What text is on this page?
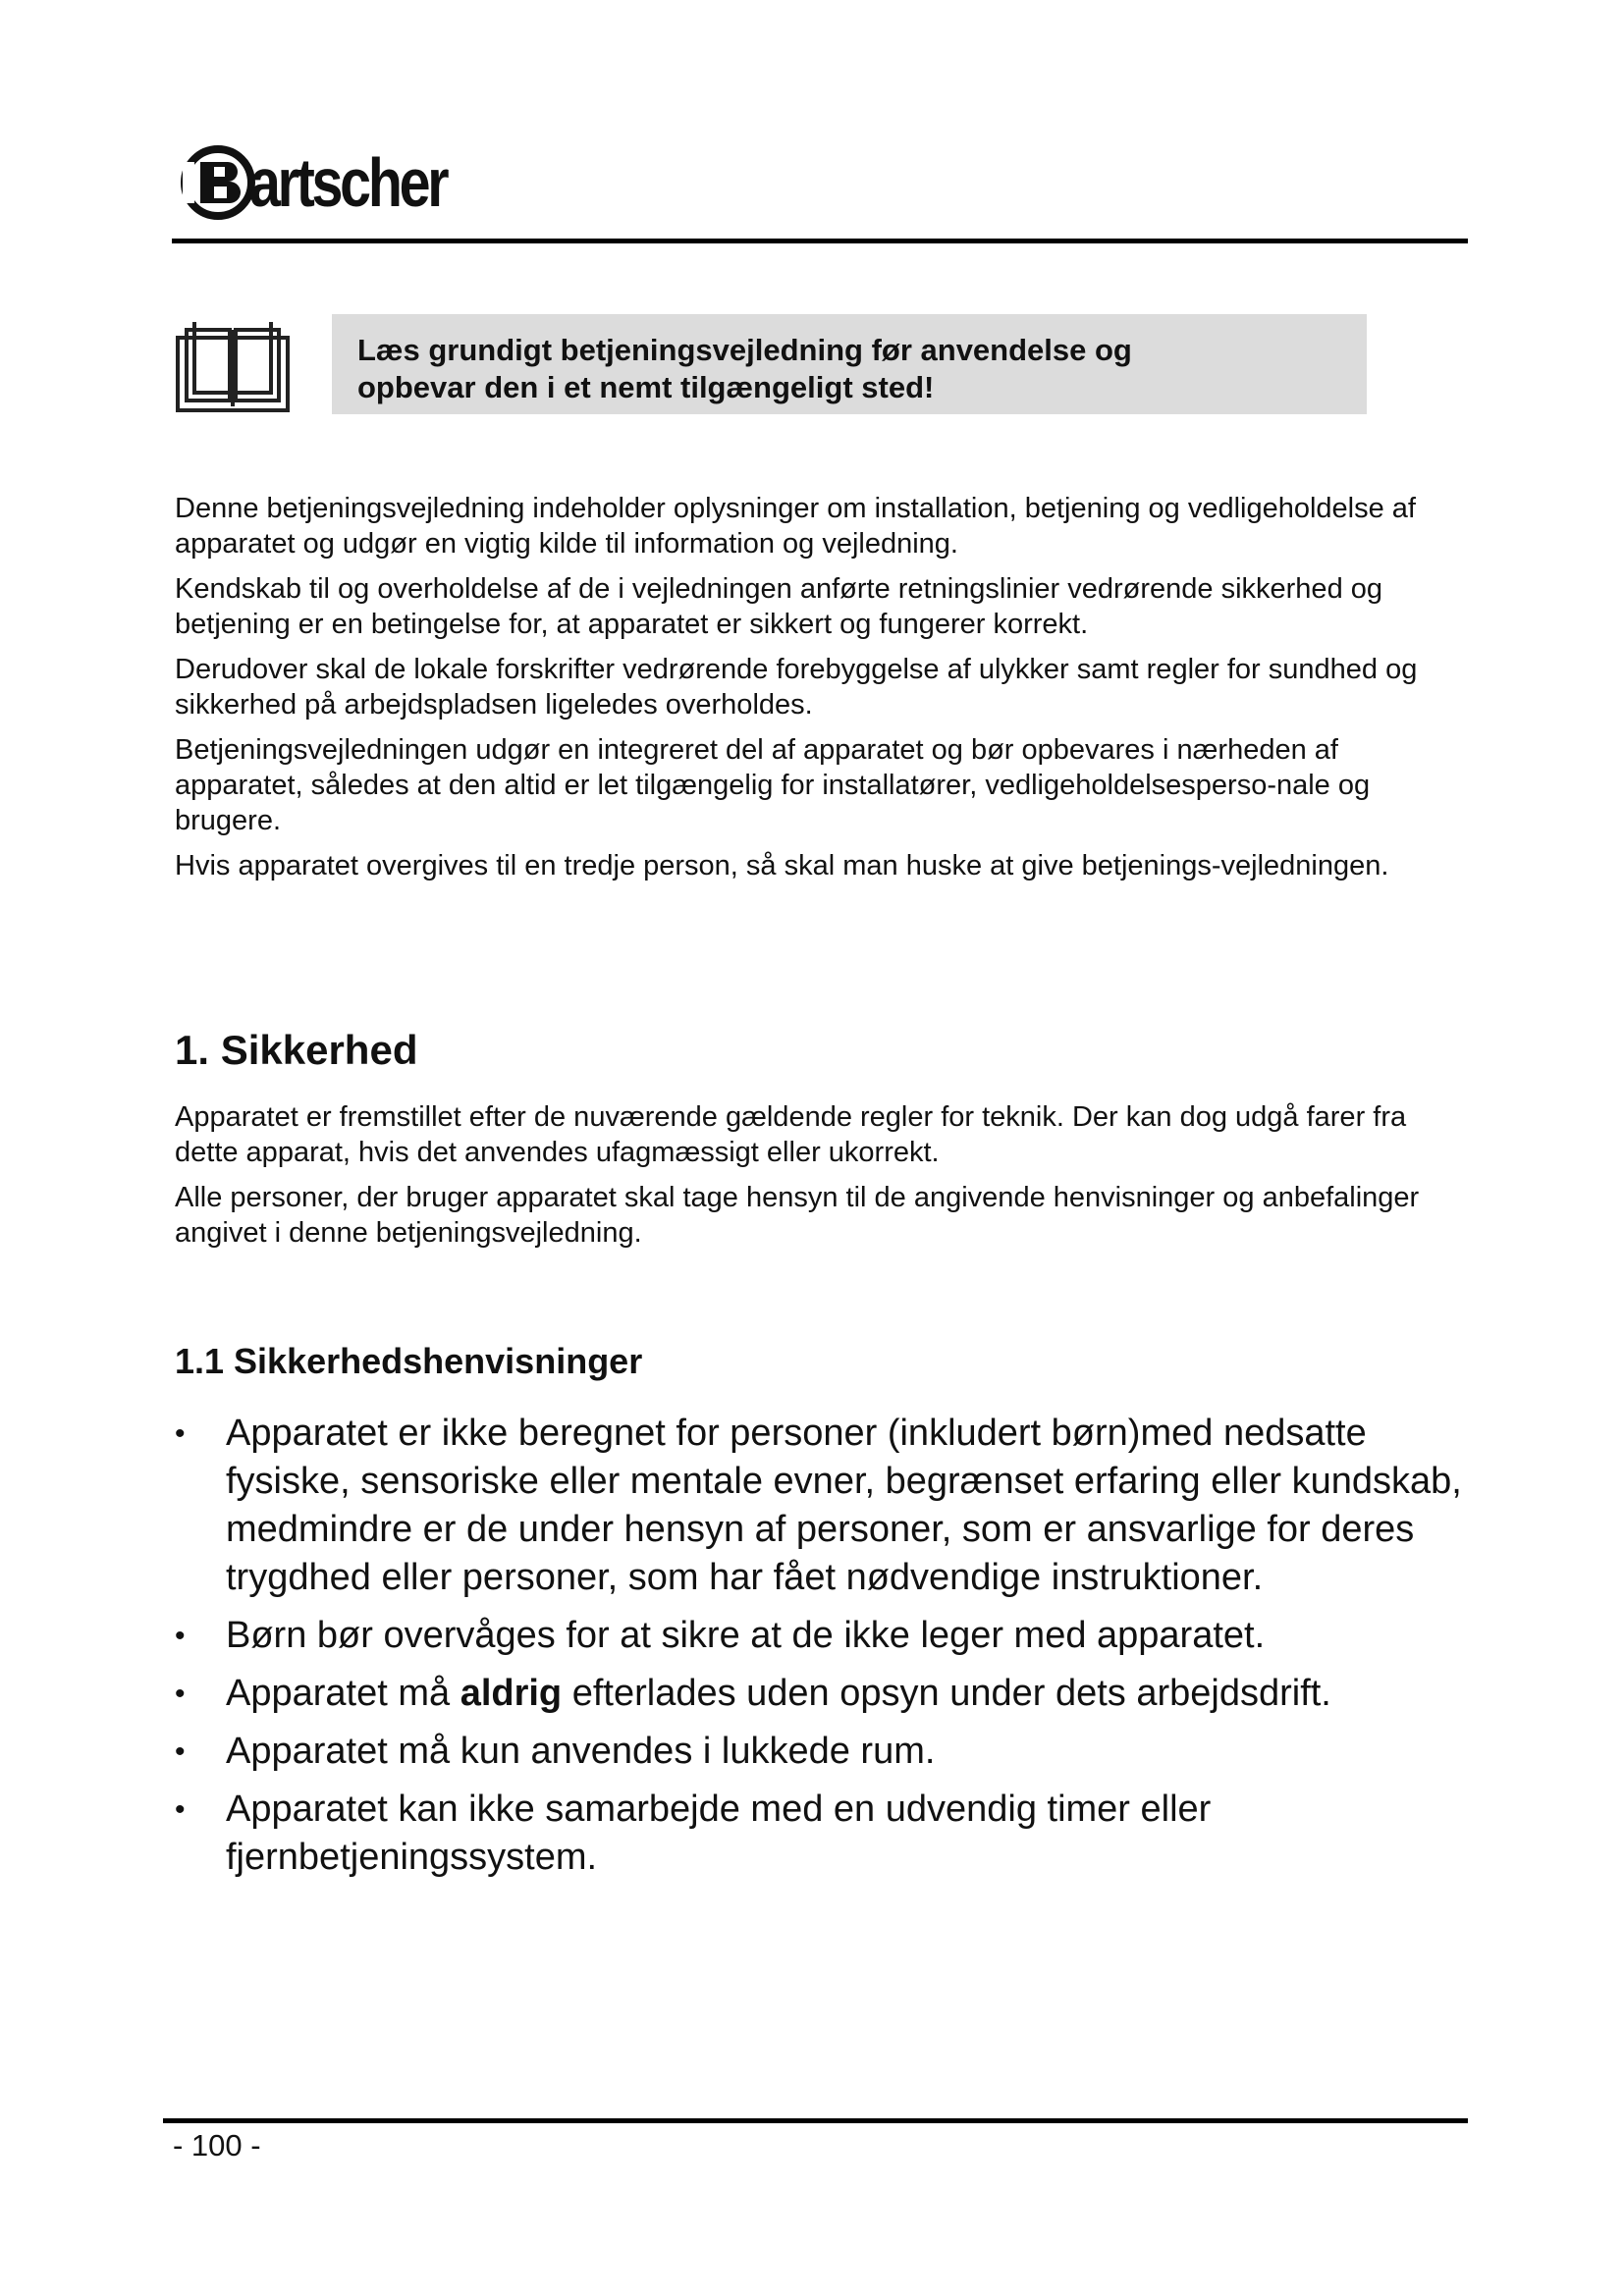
artscher

Læs grundigt betjeningsvejledning før anvendelse og
opbevar den i et nemt tilgængeligt sted!

Denne betjeningsvejledning indeholder oplysninger om installation, betjening og vedligeholdelse af apparatet og udgør en vigtig kilde til information og vejledning.

Kendskab til og overholdelse af de i vejledningen anførte retningslinier vedrørende sikkerhed og betjening er en betingelse for, at apparatet er sikkert og fungerer korrekt.

Derudover skal de lokale forskrifter vedrørende forebyggelse af ulykker samt regler for sundhed og sikkerhed på arbejdspladsen ligeledes overholdes.

Betjeningsvejledningen udgør en integreret del af apparatet og bør opbevares i nærheden af apparatet, således at den altid er let tilgængelig for installatører, vedligeholdelsesperso-nale og brugere.

Hvis apparatet overgives til en tredje person, så skal man huske at give betjenings-vejledningen.

1. Sikkerhed

Apparatet er fremstillet efter de nuværende gældende regler for teknik. Der kan dog udgå farer fra dette apparat, hvis det anvendes ufagmæssigt eller ukorrekt.

Alle personer, der bruger apparatet skal tage hensyn til de angivende henvisninger og anbefalinger angivet i denne betjeningsvejledning.

1.1 Sikkerhedshenvisninger
• Apparatet er ikke beregnet for personer (inkludert børn)med nedsatte fysiske, sensoriske eller mentale evner, begrænset erfaring eller kundskab, medmindre er de under hensyn af personer, som er ansvarlige for deres trygdhed eller personer, som har fået nødvendige instruktioner.
• Børn bør overvåges for at sikre at de ikke leger med apparatet.
• Apparatet må aldrig efterlades uden opsyn under dets arbejdsdrift.
• Apparatet må kun anvendes i lukkede rum.
• Apparatet kan ikke samarbejde med en udvendig timer eller fjernbetjeningssystem.
- 100 -
